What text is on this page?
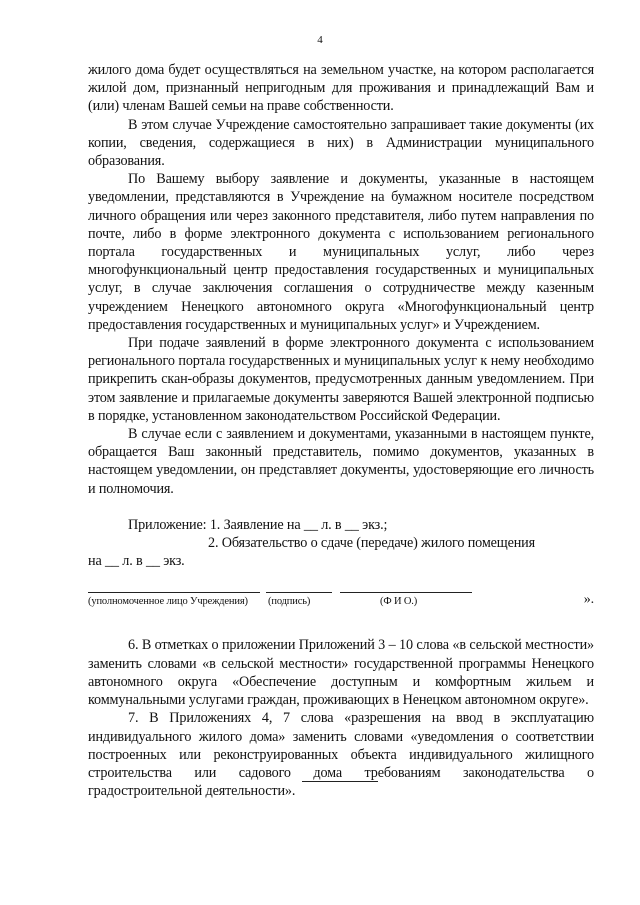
4

жилого дома будет осуществляться на земельном участке, на котором располагается жилой дом, признанный непригодным для проживания и принадлежащий Вам и (или) членам Вашей семьи на праве собственности.

В этом случае Учреждение самостоятельно запрашивает такие документы (их копии, сведения, содержащиеся в них) в Администрации муниципального образования.

По Вашему выбору заявление и документы, указанные в настоящем уведомлении, представляются в Учреждение на бумажном носителе посредством личного обращения или через законного представителя, либо путем направления по почте, либо в форме электронного документа с использованием регионального портала государственных и муниципальных услуг, либо через многофункциональный центр предоставления государственных и муниципальных услуг, в случае заключения соглашения о сотрудничестве между казенным учреждением Ненецкого автономного округа «Многофункциональный центр предоставления государственных и муниципальных услуг» и Учреждением.

При подаче заявлений в форме электронного документа с использованием регионального портала государственных и муниципальных услуг к нему необходимо прикрепить скан-образы документов, предусмотренных данным уведомлением. При этом заявление и прилагаемые документы заверяются Вашей электронной подписью в порядке, установленном законодательством Российской Федерации.

В случае если с заявлением и документами, указанными в настоящем пункте, обращается Ваш законный представитель, помимо документов, указанных в настоящем уведомлении, он представляет документы, удостоверяющие его личность и полномочия.

Приложение: 1. Заявление на __ л. в __ экз.;
2. Обязательство о сдаче (передаче) жилого помещения
на __ л. в __ экз.
(уполномоченное лицо Учреждения) (подпись)	(Ф И О.)	».

6. В отметках о приложении Приложений 3 – 10 слова «в сельской местности» заменить словами «в сельской местности» государственной программы Ненецкого автономного округа «Обеспечение доступным и комфортным жильем и коммунальными услугами граждан, проживающих в Ненецком автономном округе».

7. В Приложениях 4, 7 слова «разрешения на ввод в эксплуатацию индивидуального жилого дома» заменить словами «уведомления о соответствии построенных или реконструированных объекта индивидуального жилищного строительства или садового дома требованиям законодательства о градостроительной деятельности».
